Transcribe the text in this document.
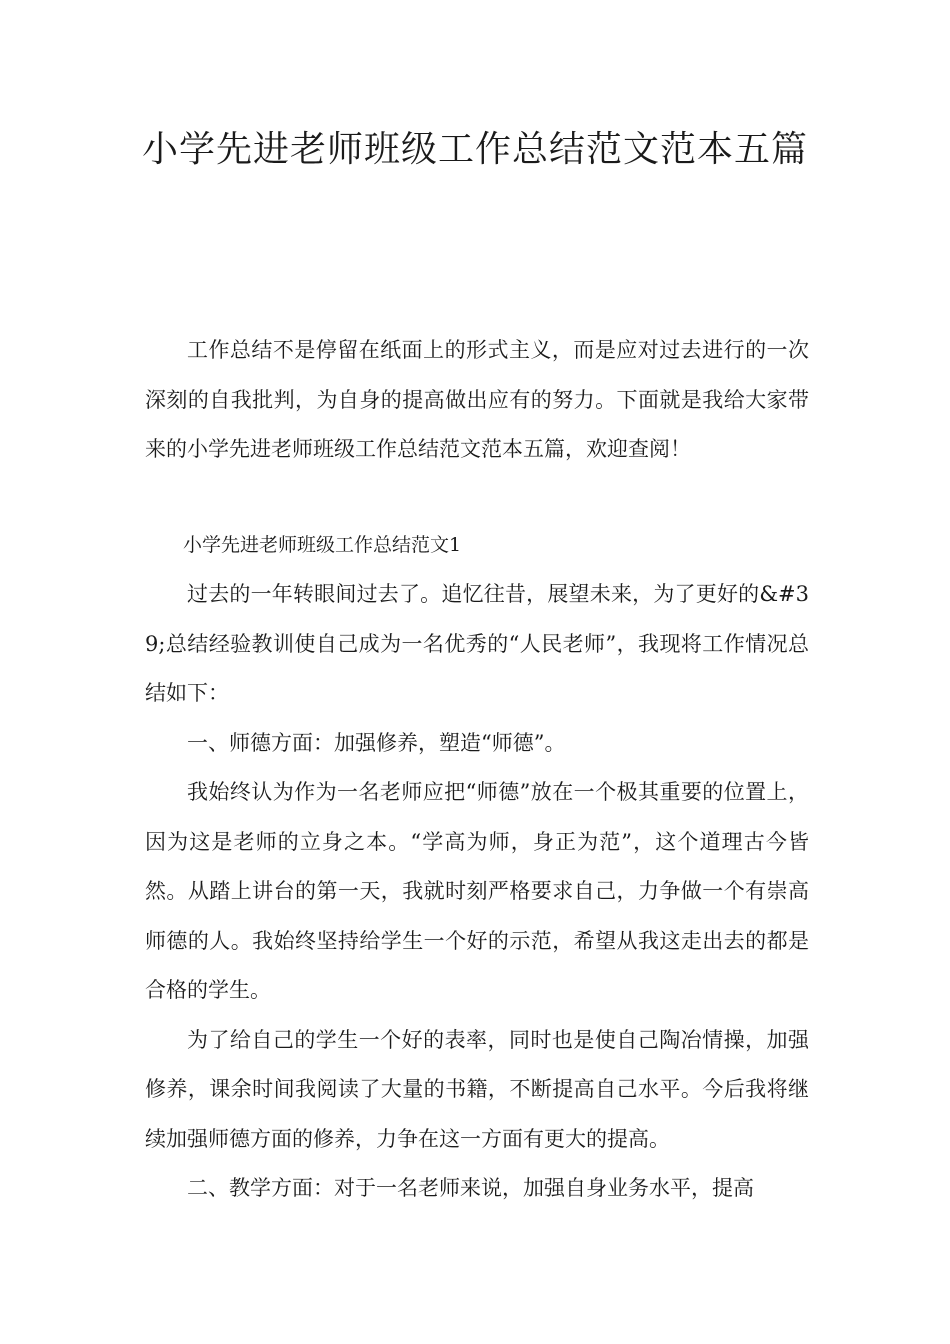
小学先进老师班级工作总结范文范本五篇

工作总结不是停留在纸面上的形式主义，而是应对过去进行的一次深刻的自我批判，为自身的提高做出应有的努力。下面就是我给大家带来的小学先进老师班级工作总结范文范本五篇，欢迎查阅！

小学先进老师班级工作总结范文1

过去的一年转眼间过去了。追忆往昔，展望未来，为了更好的&#39;总结经验教训使自己成为一名优秀的“人民老师”，我现将工作情况总结如下：

一、师德方面：加强修养，塑造“师德”。

我始终认为作为一名老师应把“师德”放在一个极其重要的位置上，因为这是老师的立身之本。“学高为师，身正为范”，这个道理古今皆然。从踏上讲台的第一天，我就时刻严格要求自己，力争做一个有崇高师德的人。我始终坚持给学生一个好的示范，希望从我这走出去的都是合格的学生。

为了给自己的学生一个好的表率，同时也是使自己陶冶情操，加强修养，课余时间我阅读了大量的书籍，不断提高自己水平。今后我将继续加强师德方面的修养，力争在这一方面有更大的提高。

二、教学方面：对于一名老师来说，加强自身业务水平，提高
